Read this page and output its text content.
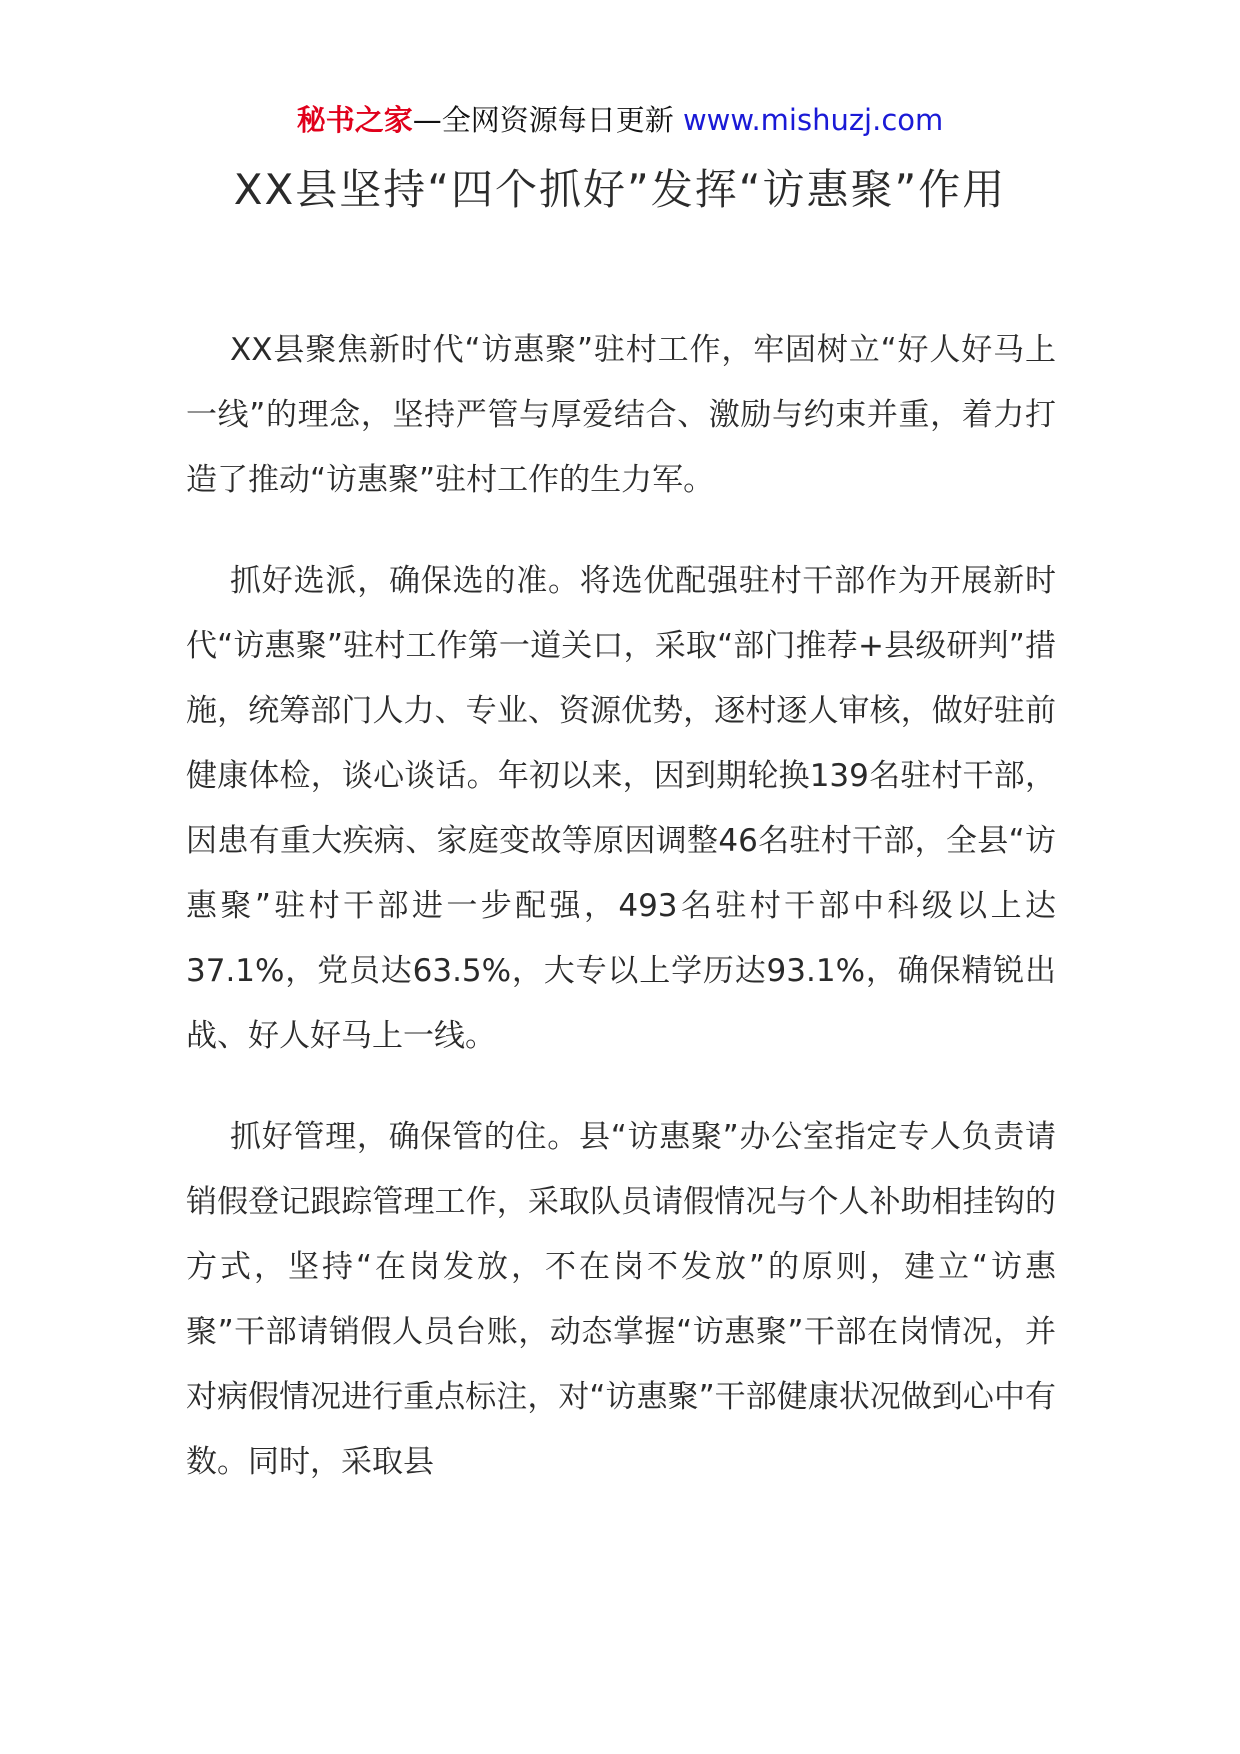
秘书之家—全网资源每日更新 www.mishuzj.com
XX县坚持“四个抓好”发挥“访惠聚”作用

XX县聚焦新时代“访惠聚”驻村工作，牢固树立“好人好马上一线”的理念，坚持严管与厚爱结合、激励与约束并重，着力打造了推动“访惠聚”驻村工作的生力军。

抓好选派，确保选的准。将选优配强驻村干部作为开展新时代“访惠聚”驻村工作第一道关口，采取“部门推荐+县级研判”措施，统筹部门人力、专业、资源优势，逐村逐人审核，做好驻前健康体检，谈心谈话。年初以来，因到期轮换139名驻村干部，因患有重大疾病、家庭变故等原因调整46名驻村干部，全县“访惠聚”驻村干部进一步配强，493名驻村干部中科级以上达37.1%，党员达63.5%，大专以上学历达93.1%，确保精锐出战、好人好马上一线。

抓好管理，确保管的住。县“访惠聚”办公室指定专人负责请销假登记跟踪管理工作，采取队员请假情况与个人补助相挂钩的方式，坚持“在岗发放，不在岗不发放”的原则，建立“访惠聚”干部请销假人员台账，动态掌握“访惠聚”干部在岗情况，并对病假情况进行重点标注，对“访惠聚”干部健康状况做到心中有数。同时，采取县
